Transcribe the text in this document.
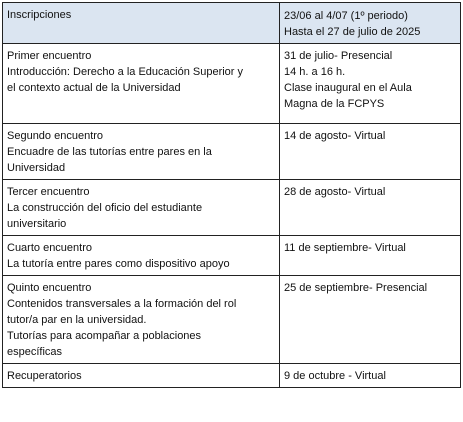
Inscripciones	23/06 al 4/07 (1º periodo)
Hasta el 27 de julio de 2025

Primer encuentro
Introducción: Derecho a la Educación Superior y
el contexto actual de la Universidad	31 de julio- Presencial
14 h. a 16 h.
Clase inaugural en el Aula
Magna de la FCPYS

Segundo encuentro
Encuadre de las tutorías entre pares en la
Universidad	14 de agosto- Virtual

Tercer encuentro
La construcción del oficio del estudiante
universitario	28 de agosto- Virtual

Cuarto encuentro
La tutoría entre pares como dispositivo apoyo	11 de septiembre- Virtual

Quinto encuentro
Contenidos transversales a la formación del rol
tutor/a par en la universidad.
Tutorías para acompañar a poblaciones
específicas	25 de septiembre- Presencial

Recuperatorios	9 de octubre - Virtual
